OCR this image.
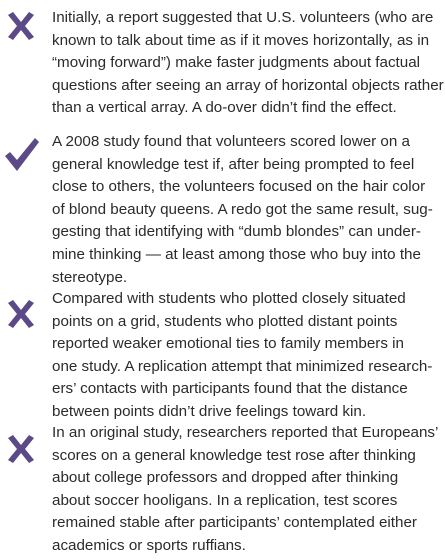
Initially, a report suggested that U.S. volunteers (who are
known to talk about time as if it moves horizontally, as in
“moving forward”) make faster judgments about factual
questions after seeing an array of horizontal objects rather
than a vertical array. A do-over didn’t find the effect.

A 2008 study found that volunteers scored lower on a
general knowledge test if, after being prompted to feel
close to others, the volunteers focused on the hair color
of blond beauty queens. A redo got the same result, sug-
gesting that identifying with “dumb blondes” can under-
mine thinking — at least among those who buy into the
stereotype.

Compared with students who plotted closely situated
points on a grid, students who plotted distant points
reported weaker emotional ties to family members in
one study. A replication attempt that minimized research-
ers’ contacts with participants found that the distance
between points didn’t drive feelings toward kin.

In an original study, researchers reported that Europeans’
scores on a general knowledge test rose after thinking
about college professors and dropped after thinking
about soccer hooligans. In a replication, test scores
remained stable after participants’ contemplated either
academics or sports ruffians.
